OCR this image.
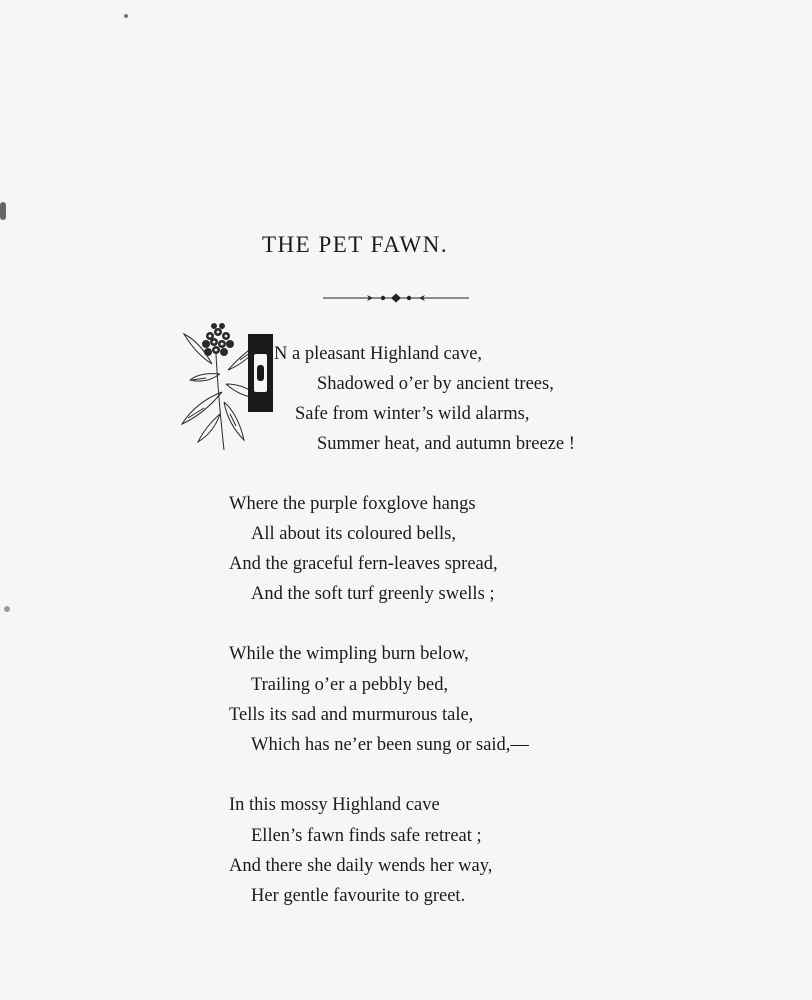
THE PET FAWN.
N a pleasant Highland cave,
Shadowed o’er by ancient trees,
Safe from winter’s wild alarms,
Summer heat, and autumn breeze !
Where the purple foxglove hangs
All about its coloured bells,
And the graceful fern-leaves spread,
And the soft turf greenly swells ;
While the wimpling burn below,
Trailing o’er a pebbly bed,
Tells its sad and murmurous tale,
Which has ne’er been sung or said,—
In this mossy Highland cave
Ellen’s fawn finds safe retreat ;
And there she daily wends her way,
Her gentle favourite to greet.
